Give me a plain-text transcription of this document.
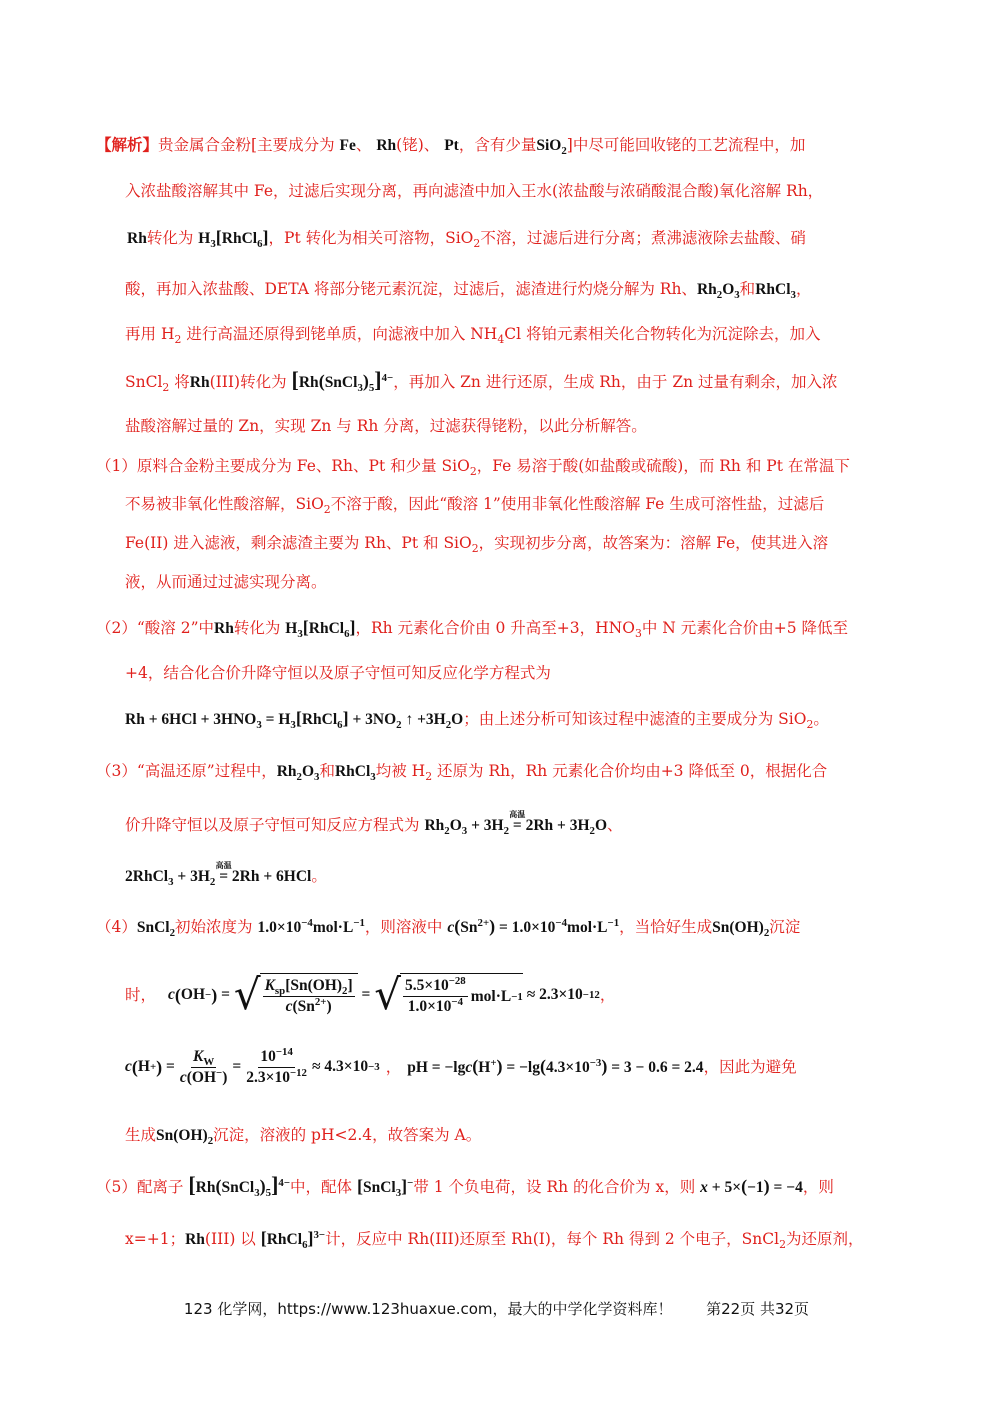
【解析】贵金属合金粉[主要成分为 Fe、 Rh(铑)、 Pt，含有少量SiO$_2$]中尽可能回收铑的工艺流程中，加
入浓盐酸溶解其中 Fe，过滤后实现分离，再向滤渣中加入王水(浓盐酸与浓硝酸混合酸)氧化溶解 Rh，
Rh转化为 $H_3[RhCl_6]$，Pt 转化为相关可溶物，SiO$_2$不溶，过滤后进行分离；煮沸滤液除去盐酸、硝
酸，再加入浓盐酸、DETA 将部分铑元素沉淀，过滤后，滤渣进行灼烧分解为 Rh、$Rh_2O_3$和RhCl$_3$，
再用 $H_2$ 进行高温还原得到铑单质，向滤液中加入 $NH_4Cl$ 将铂元素相关化合物转化为沉淀除去，加入
SnCl$_2$ 将Rh(III)转化为 $[Rh(SnCl_3)_5]^{4-}$，再加入 Zn 进行还原，生成 Rh，由于 Zn 过量有剩余，加入浓
盐酸溶解过量的 Zn，实现 Zn 与 Rh 分离，过滤获得铑粉，以此分析解答。
（1）原料合金粉主要成分为 Fe、Rh、Pt 和少量 SiO$_2$，Fe 易溶于酸(如盐酸或硫酸)，而 Rh 和 Pt 在常温下
不易被非氧化性酸溶解，SiO$_2$不溶于酸，因此“酸溶 1”使用非氧化性酸溶解 Fe 生成可溶性盐，过滤后
Fe(II) 进入滤液，剩余滤渣主要为 Rh、Pt 和 SiO$_2$，实现初步分离，故答案为：溶解 Fe，使其进入溶
液，从而通过过滤实现分离。
（2）“酸溶 2”中Rh转化为 $H_3[RhCl_6]$，Rh 元素化合价由 0 升高至+3，$HNO_3$中 N 元素化合价由+5 降低至
+4，结合化合价升降守恒以及原子守恒可知反应化学方程式为
$Rh + 6HCl + 3HNO_3$ = $H_3[RhCl_6] + 3NO_2$ ↑ $+3H_2O$；由上述分析可知该过程中滤渣的主要成分为 SiO$_2$。
（3）“高温还原”过程中，$Rh_2O_3$和RhCl$_3$均被 $H_2$ 还原为 Rh，Rh 元素化合价均由+3 降低至 0，根据化合
价升降守恒以及原子守恒可知反应方程式为 $Rh_2O_3 + 3H_2$ =
高温
$2Rh + 3H_2O$、
2RhCl$_3$ + $3H_2$ =
高温
2Rh + 6HCl。
（4）SnCl$_2$初始浓度为 $1.0\times 10^{-4}mol\cdot L^{-1}$，则溶液中 $c(Sn^{2+}) = 1.0\times 10^{-4}mol\cdot L^{-1}$，当恰好生成$Sn(OH)_2$沉淀
时， c ( OH − ) = √ $\frac{K_{sp}[Sn(OH)_2]}{c(Sn^{2+})}$ = √ $\frac{5.5\times 10^{-28}}{1.0\times 10^{-4}} mol\cdot L -1 \approx 2.3\times 10 -12$ ，
c ( H + ) = $\frac{K_W}{c(OH^-)} = \frac{10^{-14}}{2.3\times 10^{-12}} \approx 4.3\times 10 -3$ ， pH = $-\lg c(H^+) = -\lg(4.3\times 10^{-3}) = 3 - 0.6 = 2.4$ ，因此为避免
生成$Sn(OH)_2$沉淀，溶液的 pH<2.4，故答案为 A。
（5）配离子 $[Rh(SnCl_3)_5]^{4-}$中，配体 [SnCl$_3$]−带 1 个负电荷，设 Rh 的化合价为 x，则 x + 5×(−1) = −4，则
x=+1；Rh(III) 以 [RhCl$_6$]$^{3-}$计，反应中 Rh(III)还原至 Rh(I)，每个 Rh 得到 2 个电子，SnCl$_2$为还原剂，
123 化学网，https://www.123huaxue.com，最大的中学化学资料库！ 第22页 共32页
